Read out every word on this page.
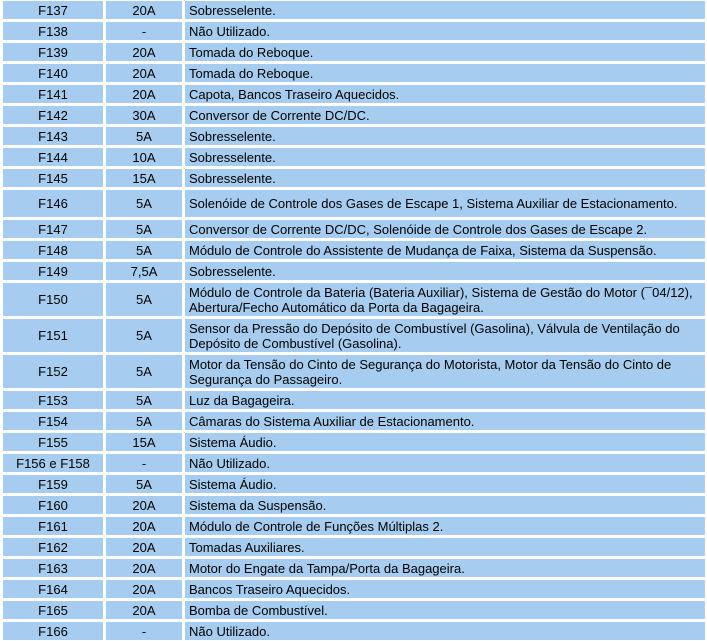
F137	20A	Sobresselente.
F138	-	Não Utilizado.
F139	20A	Tomada do Reboque.
F140	20A	Tomada do Reboque.
F141	20A	Capota, Bancos Traseiro Aquecidos.
F142	30A	Conversor de Corrente DC/DC.
F143	5A	Sobresselente.
F144	10A	Sobresselente.
F145	15A	Sobresselente.
F146	5A	Solenóide de Controle dos Gases de Escape 1, Sistema Auxiliar de Estacionamento.
F147	5A	Conversor de Corrente DC/DC, Solenóide de Controle dos Gases de Escape 2.
F148	5A	Módulo de Controle do Assistente de Mudança de Faixa, Sistema da Suspensão.
F149	7,5A	Sobresselente.
F150	5A	Módulo de Controle da Bateria (Bateria Auxiliar), Sistema de Gestão do Motor (¯04/12), Abertura/Fecho Automático da Porta da Bagageira.
F151	5A	Sensor da Pressão do Depósito de Combustível (Gasolina), Válvula de Ventilação do Depósito de Combustível (Gasolina).
F152	5A	Motor da Tensão do Cinto de Segurança do Motorista, Motor da Tensão do Cinto de Segurança do Passageiro.
F153	5A	Luz da Bagageira.
F154	5A	Câmaras do Sistema Auxiliar de Estacionamento.
F155	15A	Sistema Áudio.
F156 e F158	-	Não Utilizado.
F159	5A	Sistema Áudio.
F160	20A	Sistema da Suspensão.
F161	20A	Módulo de Controle de Funções Múltiplas 2.
F162	20A	Tomadas Auxiliares.
F163	20A	Motor do Engate da Tampa/Porta da Bagageira.
F164	20A	Bancos Traseiro Aquecidos.
F165	20A	Bomba de Combustível.
F166	-	Não Utilizado.
